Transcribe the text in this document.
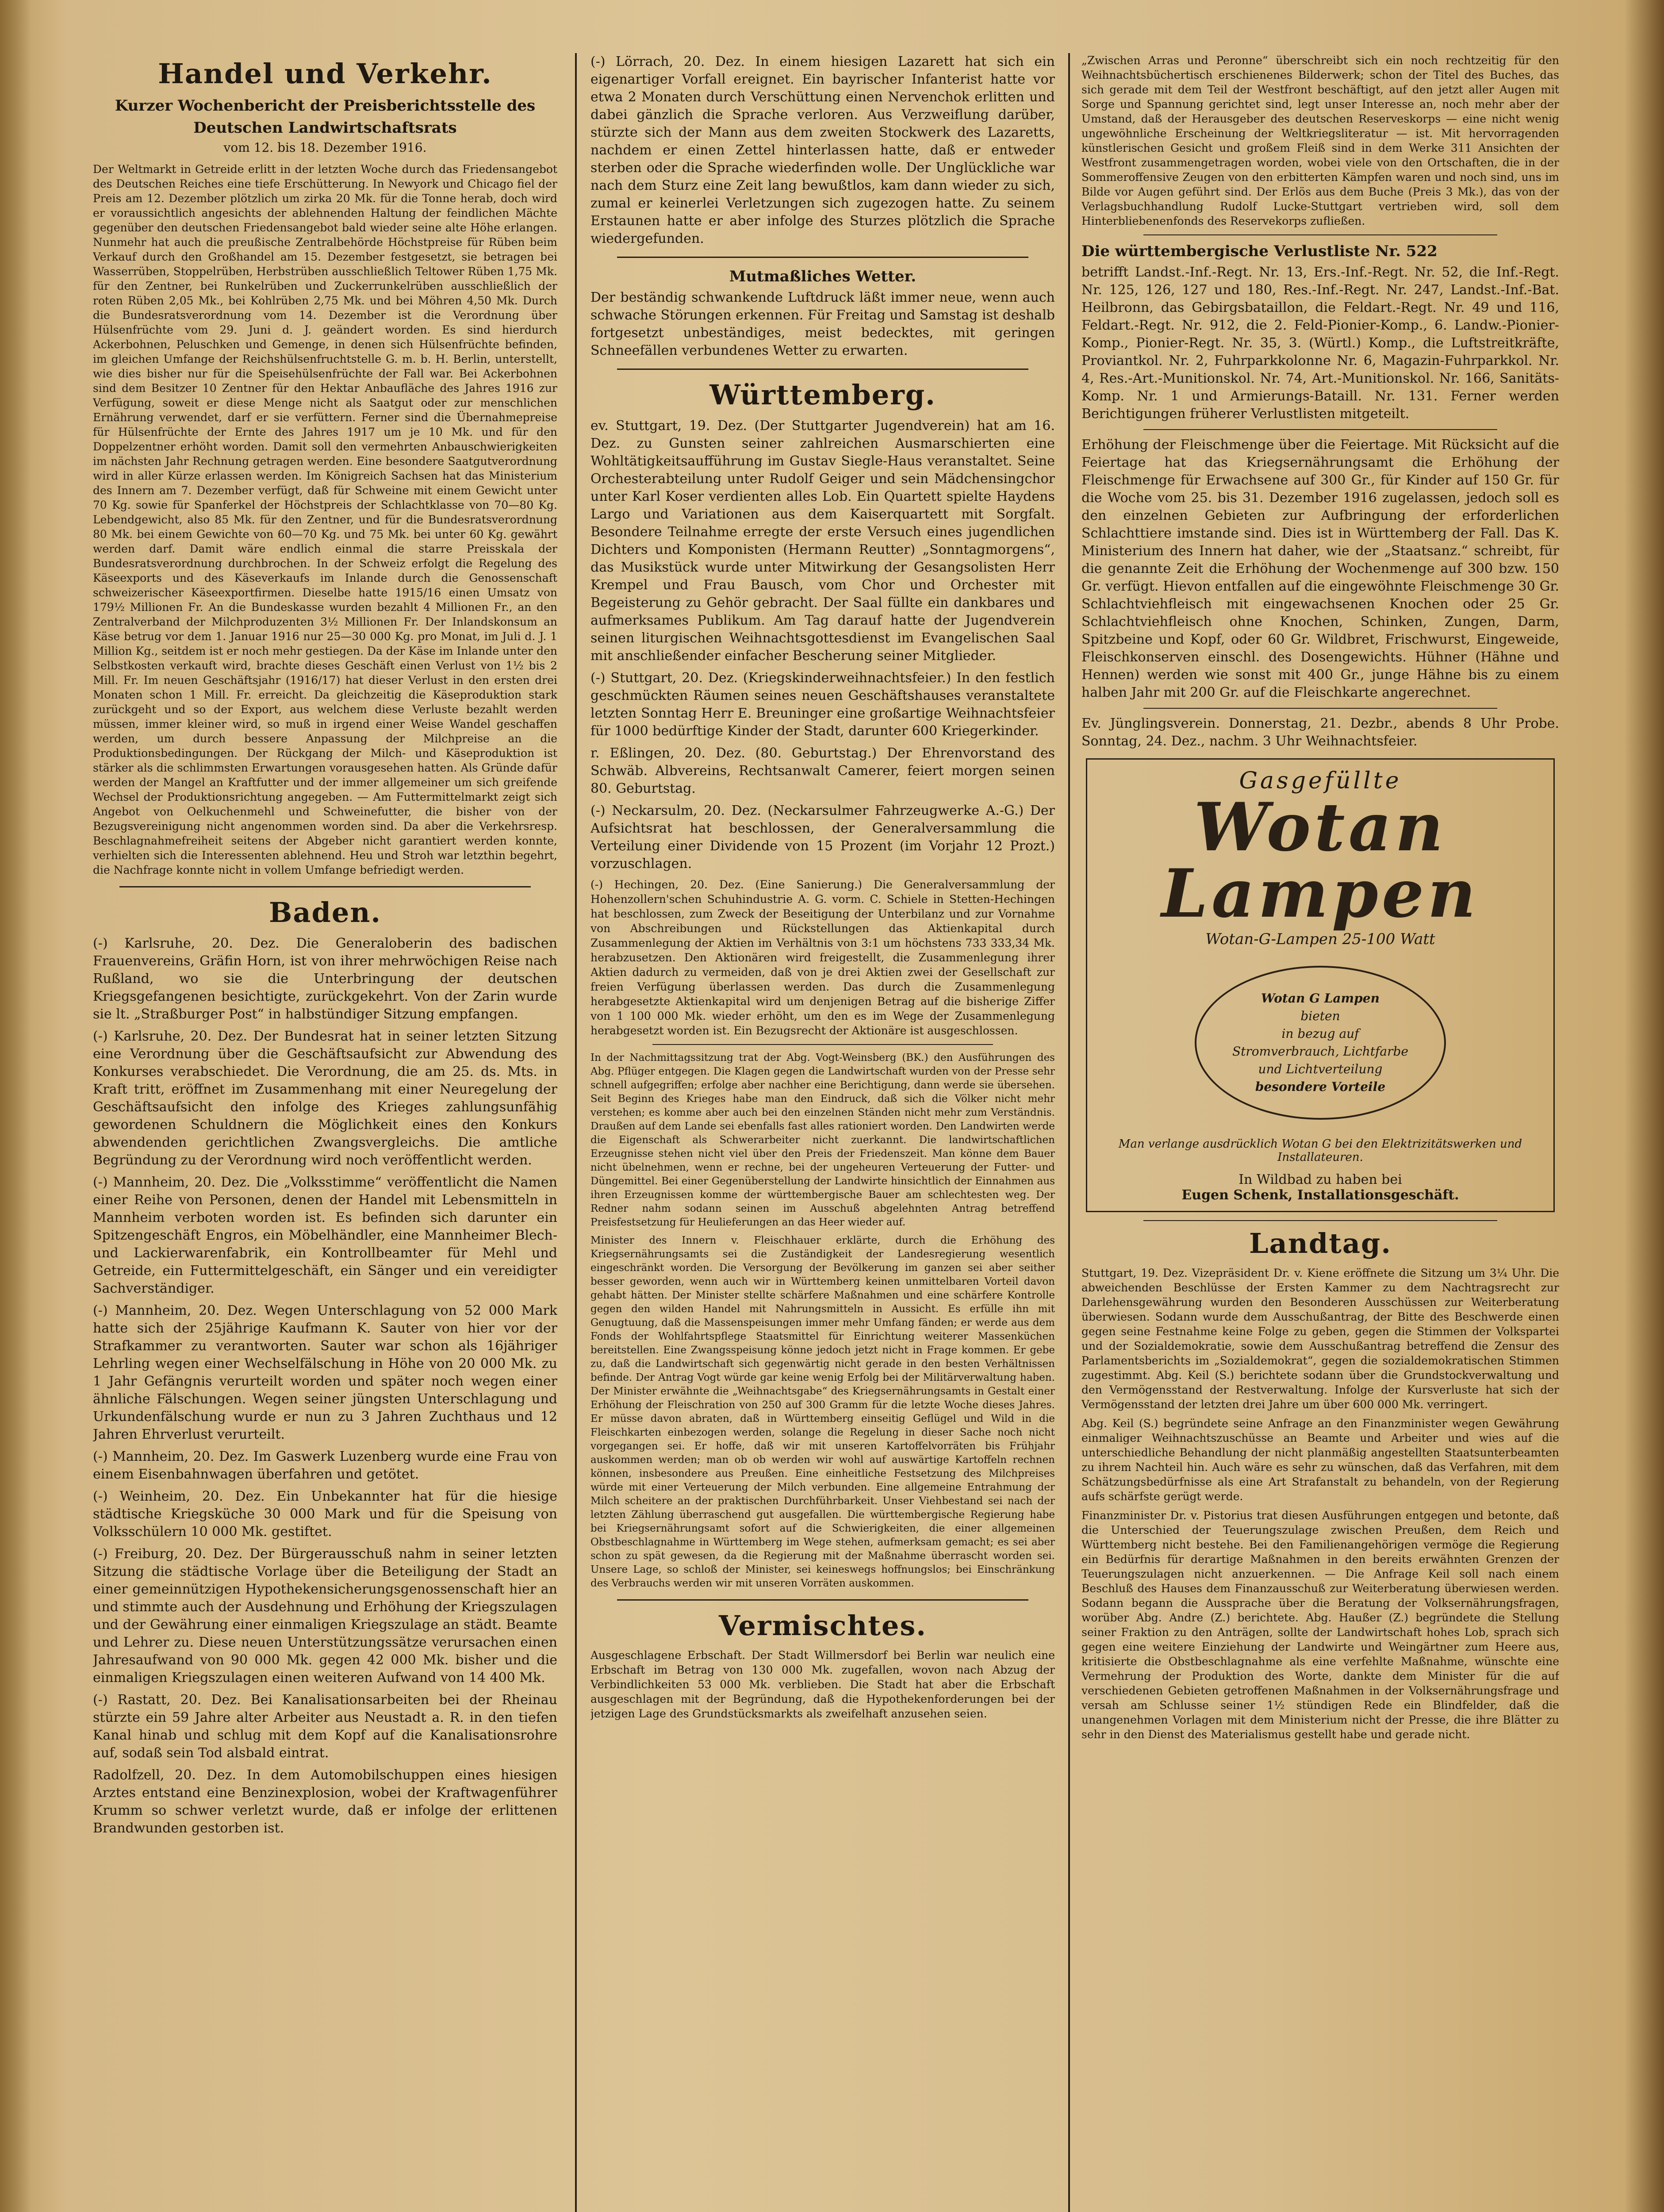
Handel und Verkehr.
Kurzer Wochenbericht der Preisberichtsstelle des
Deutschen Landwirtschaftsrats
vom 12. bis 18. Dezember 1916.

Der Weltmarkt in Getreide erlitt in der letzten Woche durch das Friedensangebot des Deutschen Reiches eine tiefe Erschütterung. In Newyork und Chicago fiel der Preis am 12. Dezember plötzlich um zirka 20 Mk. für die Tonne herab, doch wird er voraussichtlich angesichts der ablehnenden Haltung der feindlichen Mächte gegenüber den deutschen Friedensangebot bald wieder seine alte Höhe erlangen. Nunmehr hat auch die preußische Zentralbehörde Höchstpreise für Rüben beim Verkauf durch den Großhandel am 15. Dezember festgesetzt, sie betragen bei Wasserrüben, Stoppelrüben, Herbstrüben ausschließlich Teltower Rüben 1,75 Mk. für den Zentner, bei Runkelrüben und Zuckerrunkelrüben ausschließlich der roten Rüben 2,05 Mk., bei Kohlrüben 2,75 Mk. und bei Möhren 4,50 Mk. Durch die Bundesratsverordnung vom 14. Dezember ist die Verordnung über Hülsenfrüchte vom 29. Juni d. J. geändert worden. Es sind hierdurch Ackerbohnen, Peluschken und Gemenge, in denen sich Hülsenfrüchte befinden, im gleichen Umfange der Reichshülsenfruchtstelle G. m. b. H. Berlin, unterstellt, wie dies bisher nur für die Speisehülsenfrüchte der Fall war. Bei Ackerbohnen sind dem Besitzer 10 Zentner für den Hektar Anbaufläche des Jahres 1916 zur Verfügung, soweit er diese Menge nicht als Saatgut oder zur menschlichen Ernährung verwendet, darf er sie verfüttern. Ferner sind die Übernahmepreise für Hülsenfrüchte der Ernte des Jahres 1917 um je 10 Mk. und für den Doppelzentner erhöht worden. Damit soll den vermehrten Anbauschwierigkeiten im nächsten Jahr Rechnung getragen werden. Eine besondere Saatgutverordnung wird in aller Kürze erlassen werden. Im Königreich Sachsen hat das Ministerium des Innern am 7. Dezember verfügt, daß für Schweine mit einem Gewicht unter 70 Kg. sowie für Spanferkel der Höchstpreis der Schlachtklasse von 70—80 Kg. Lebendgewicht, also 85 Mk. für den Zentner, und für die Bundesratsverordnung 80 Mk. bei einem Gewichte von 60—70 Kg. und 75 Mk. bei unter 60 Kg. gewährt werden darf. Damit wäre endlich einmal die starre Preisskala der Bundesratsverordnung durchbrochen. In der Schweiz erfolgt die Regelung des Käseexports und des Käseverkaufs im Inlande durch die Genossenschaft schweizerischer Käseexportfirmen. Dieselbe hatte 1915/16 einen Umsatz von 179½ Millionen Fr. An die Bundeskasse wurden bezahlt 4 Millionen Fr., an den Zentralverband der Milchproduzenten 3½ Millionen Fr. Der Inlandskonsum an Käse betrug vor dem 1. Januar 1916 nur 25—30 000 Kg. pro Monat, im Juli d. J. 1 Million Kg., seitdem ist er noch mehr gestiegen. Da der Käse im Inlande unter den Selbstkosten verkauft wird, brachte dieses Geschäft einen Verlust von 1½ bis 2 Mill. Fr. Im neuen Geschäftsjahr (1916/17) hat dieser Verlust in den ersten drei Monaten schon 1 Mill. Fr. erreicht. Da gleichzeitig die Käseproduktion stark zurückgeht und so der Export, aus welchem diese Verluste bezahlt werden müssen, immer kleiner wird, so muß in irgend einer Weise Wandel geschaffen werden, um durch bessere Anpassung der Milchpreise an die Produktionsbedingungen. Der Rückgang der Milch- und Käseproduktion ist stärker als die schlimmsten Erwartungen vorausgesehen hatten. Als Gründe dafür werden der Mangel an Kraftfutter und der immer allgemeiner um sich greifende Wechsel der Produktionsrichtung angegeben. — Am Futtermittelmarkt zeigt sich Angebot von Oelkuchenmehl und Schweinefutter, die bisher von der Bezugsvereinigung nicht angenommen worden sind. Da aber die Verkehrsresp. Beschlagnahmefreiheit seitens der Abgeber nicht garantiert werden konnte, verhielten sich die Interessenten ablehnend. Heu und Stroh war letzthin begehrt, die Nachfrage konnte nicht in vollem Umfange befriedigt werden.

Baden.

(-) Karlsruhe, 20. Dez. Die Generaloberin des badischen Frauenvereins, Gräfin Horn, ist von ihrer mehrwöchigen Reise nach Rußland, wo sie die Unterbringung der deutschen Kriegsgefangenen besichtigte, zurückgekehrt. Von der Zarin wurde sie lt. „Straßburger Post“ in halbstündiger Sitzung empfangen.

(-) Karlsruhe, 20. Dez. Der Bundesrat hat in seiner letzten Sitzung eine Verordnung über die Geschäftsaufsicht zur Abwendung des Konkurses verabschiedet. Die Verordnung, die am 25. ds. Mts. in Kraft tritt, eröffnet im Zusammenhang mit einer Neuregelung der Geschäftsaufsicht den infolge des Krieges zahlungsunfähig gewordenen Schuldnern die Möglichkeit eines den Konkurs abwendenden gerichtlichen Zwangsvergleichs. Die amtliche Begründung zu der Verordnung wird noch veröffentlicht werden.

(-) Mannheim, 20. Dez. Die „Volksstimme“ veröffentlicht die Namen einer Reihe von Personen, denen der Handel mit Lebensmitteln in Mannheim verboten worden ist. Es befinden sich darunter ein Spitzengeschäft Engros, ein Möbelhändler, eine Mannheimer Blech- und Lackierwarenfabrik, ein Kontrollbeamter für Mehl und Getreide, ein Futtermittelgeschäft, ein Sänger und ein vereidigter Sachverständiger.

(-) Mannheim, 20. Dez. Wegen Unterschlagung von 52 000 Mark hatte sich der 25jährige Kaufmann K. Sauter von hier vor der Strafkammer zu verantworten. Sauter war schon als 16jähriger Lehrling wegen einer Wechselfälschung in Höhe von 20 000 Mk. zu 1 Jahr Gefängnis verurteilt worden und später noch wegen einer ähnliche Fälschungen. Wegen seiner jüngsten Unterschlagung und Urkundenfälschung wurde er nun zu 3 Jahren Zuchthaus und 12 Jahren Ehrverlust verurteilt.

(-) Mannheim, 20. Dez. Im Gaswerk Luzenberg wurde eine Frau von einem Eisenbahnwagen überfahren und getötet.

(-) Weinheim, 20. Dez. Ein Unbekannter hat für die hiesige städtische Kriegsküche 30 000 Mark und für die Speisung von Volksschülern 10 000 Mk. gestiftet.

(-) Freiburg, 20. Dez. Der Bürgerausschuß nahm in seiner letzten Sitzung die städtische Vorlage über die Beteiligung der Stadt an einer gemeinnützigen Hypothekensicherungsgenossenschaft hier an und stimmte auch der Ausdehnung und Erhöhung der Kriegszulagen und der Gewährung einer einmaligen Kriegszulage an städt. Beamte und Lehrer zu. Diese neuen Unterstützungssätze verursachen einen Jahresaufwand von 90 000 Mk. gegen 42 000 Mk. bisher und die einmaligen Kriegszulagen einen weiteren Aufwand von 14 400 Mk.

(-) Rastatt, 20. Dez. Bei Kanalisationsarbeiten bei der Rheinau stürzte ein 59 Jahre alter Arbeiter aus Neustadt a. R. in den tiefen Kanal hinab und schlug mit dem Kopf auf die Kanalisationsrohre auf, sodaß sein Tod alsbald eintrat.

Radolfzell, 20. Dez. In dem Automobilschuppen eines hiesigen Arztes entstand eine Benzinexplosion, wobei der Kraftwagenführer Krumm so schwer verletzt wurde, daß er infolge der erlittenen Brandwunden gestorben ist.

(-) Lörrach, 20. Dez. In einem hiesigen Lazarett hat sich ein eigenartiger Vorfall ereignet. Ein bayrischer Infanterist hatte vor etwa 2 Monaten durch Verschüttung einen Nervenchok erlitten und dabei gänzlich die Sprache verloren. Aus Verzweiflung darüber, stürzte sich der Mann aus dem zweiten Stockwerk des Lazaretts, nachdem er einen Zettel hinterlassen hatte, daß er entweder sterben oder die Sprache wiederfinden wolle. Der Unglückliche war nach dem Sturz eine Zeit lang bewußtlos, kam dann wieder zu sich, zumal er keinerlei Verletzungen sich zugezogen hatte. Zu seinem Erstaunen hatte er aber infolge des Sturzes plötzlich die Sprache wiedergefunden.

Mutmaßliches Wetter.

Der beständig schwankende Luftdruck läßt immer neue, wenn auch schwache Störungen erkennen. Für Freitag und Samstag ist deshalb fortgesetzt unbeständiges, meist bedecktes, mit geringen Schneefällen verbundenes Wetter zu erwarten.

Württemberg.

ev. Stuttgart, 19. Dez. (Der Stuttgarter Jugendverein) hat am 16. Dez. zu Gunsten seiner zahlreichen Ausmarschierten eine Wohltätigkeitsaufführung im Gustav Siegle-Haus veranstaltet. Seine Orchesterabteilung unter Rudolf Geiger und sein Mädchensingchor unter Karl Koser verdienten alles Lob. Ein Quartett spielte Haydens Largo und Variationen aus dem Kaiserquartett mit Sorgfalt. Besondere Teilnahme erregte der erste Versuch eines jugendlichen Dichters und Komponisten (Hermann Reutter) „Sonntagmorgens“, das Musikstück wurde unter Mitwirkung der Gesangsolisten Herr Krempel und Frau Bausch, vom Chor und Orchester mit Begeisterung zu Gehör gebracht. Der Saal füllte ein dankbares und aufmerksames Publikum. Am Tag darauf hatte der Jugendverein seinen liturgischen Weihnachtsgottesdienst im Evangelischen Saal mit anschließender einfacher Bescherung seiner Mitglieder.

(-) Stuttgart, 20. Dez. (Kriegskinderweihnachtsfeier.) In den festlich geschmückten Räumen seines neuen Geschäftshauses veranstaltete letzten Sonntag Herr E. Breuninger eine großartige Weihnachtsfeier für 1000 bedürftige Kinder der Stadt, darunter 600 Kriegerkinder.

r. Eßlingen, 20. Dez. (80. Geburtstag.) Der Ehrenvorstand des Schwäb. Albvereins, Rechtsanwalt Camerer, feiert morgen seinen 80. Geburtstag.

(-) Neckarsulm, 20. Dez. (Neckarsulmer Fahrzeugwerke A.-G.) Der Aufsichtsrat hat beschlossen, der Generalversammlung die Verteilung einer Dividende von 15 Prozent (im Vorjahr 12 Prozt.) vorzuschlagen.

(-) Hechingen, 20. Dez. (Eine Sanierung.) Die Generalversammlung der Hohenzollern'schen Schuhindustrie A. G. vorm. C. Schiele in Stetten-Hechingen hat beschlossen, zum Zweck der Beseitigung der Unterbilanz und zur Vornahme von Abschreibungen und Rückstellungen das Aktienkapital durch Zusammenlegung der Aktien im Verhältnis von 3:1 um höchstens 733 333,34 Mk. herabzusetzen. Den Aktionären wird freigestellt, die Zusammenlegung ihrer Aktien dadurch zu vermeiden, daß von je drei Aktien zwei der Gesellschaft zur freien Verfügung überlassen werden. Das durch die Zusammenlegung herabgesetzte Aktienkapital wird um denjenigen Betrag auf die bisherige Ziffer von 1 100 000 Mk. wieder erhöht, um den es im Wege der Zusammenlegung herabgesetzt worden ist. Ein Bezugsrecht der Aktionäre ist ausgeschlossen.

In der Nachmittagssitzung trat der Abg. Vogt-Weinsberg (BK.) den Ausführungen des Abg. Pflüger entgegen. Die Klagen gegen die Landwirtschaft wurden von der Presse sehr schnell aufgegriffen; erfolge aber nachher eine Berichtigung, dann werde sie übersehen. Seit Beginn des Krieges habe man den Eindruck, daß sich die Völker nicht mehr verstehen; es komme aber auch bei den einzelnen Ständen nicht mehr zum Verständnis. Draußen auf dem Lande sei ebenfalls fast alles rationiert worden. Den Landwirten werde die Eigenschaft als Schwerarbeiter nicht zuerkannt. Die landwirtschaftlichen Erzeugnisse stehen nicht viel über den Preis der Friedenszeit. Man könne dem Bauer nicht übelnehmen, wenn er rechne, bei der ungeheuren Verteuerung der Futter- und Düngemittel. Bei einer Gegenüberstellung der Landwirte hinsichtlich der Einnahmen aus ihren Erzeugnissen komme der württembergische Bauer am schlechtesten weg. Der Redner nahm sodann seinen im Ausschuß abgelehnten Antrag betreffend Preisfestsetzung für Heulieferungen an das Heer wieder auf.

Minister des Innern v. Fleischhauer erklärte, durch die Erhöhung des Kriegsernährungsamts sei die Zuständigkeit der Landesregierung wesentlich eingeschränkt worden. Die Versorgung der Bevölkerung im ganzen sei aber seither besser geworden, wenn auch wir in Württemberg keinen unmittelbaren Vorteil davon gehabt hätten. Der Minister stellte schärfere Maßnahmen und eine schärfere Kontrolle gegen den wilden Handel mit Nahrungsmitteln in Aussicht. Es erfülle ihn mit Genugtuung, daß die Massenspeisungen immer mehr Umfang fänden; er werde aus dem Fonds der Wohlfahrtspflege Staatsmittel für Einrichtung weiterer Massenküchen bereitstellen. Eine Zwangsspeisung könne jedoch jetzt nicht in Frage kommen. Er gebe zu, daß die Landwirtschaft sich gegenwärtig nicht gerade in den besten Verhältnissen befinde. Der Antrag Vogt würde gar keine wenig Erfolg bei der Militärverwaltung haben. Der Minister erwähnte die „Weihnachtsgabe“ des Kriegsernährungsamts in Gestalt einer Erhöhung der Fleischration von 250 auf 300 Gramm für die letzte Woche dieses Jahres. Er müsse davon abraten, daß in Württemberg einseitig Geflügel und Wild in die Fleischkarten einbezogen werden, solange die Regelung in dieser Sache noch nicht vorgegangen sei. Er hoffe, daß wir mit unseren Kartoffelvorräten bis Frühjahr auskommen werden; man ob ob werden wir wohl auf auswärtige Kartoffeln rechnen können, insbesondere aus Preußen. Eine einheitliche Festsetzung des Milchpreises würde mit einer Verteuerung der Milch verbunden. Eine allgemeine Entrahmung der Milch scheitere an der praktischen Durchführbarkeit. Unser Viehbestand sei nach der letzten Zählung überraschend gut ausgefallen. Die württembergische Regierung habe bei Kriegsernährungsamt sofort auf die Schwierigkeiten, die einer allgemeinen Obstbeschlagnahme in Württemberg im Wege stehen, aufmerksam gemacht; es sei aber schon zu spät gewesen, da die Regierung mit der Maßnahme überrascht worden sei. Unsere Lage, so schloß der Minister, sei keineswegs hoffnungslos; bei Einschränkung des Verbrauchs werden wir mit unseren Vorräten auskommen.

Vermischtes.

Ausgeschlagene Erbschaft. Der Stadt Willmersdorf bei Berlin war neulich eine Erbschaft im Betrag von 130 000 Mk. zugefallen, wovon nach Abzug der Verbindlichkeiten 53 000 Mk. verblieben. Die Stadt hat aber die Erbschaft ausgeschlagen mit der Begründung, daß die Hypothekenforderungen bei der jetzigen Lage des Grundstücksmarkts als zweifelhaft anzusehen seien.

„Zwischen Arras und Peronne“ überschreibt sich ein noch rechtzeitig für den Weihnachtsbüchertisch erschienenes Bilderwerk; schon der Titel des Buches, das sich gerade mit dem Teil der Westfront beschäftigt, auf den jetzt aller Augen mit Sorge und Spannung gerichtet sind, legt unser Interesse an, noch mehr aber der Umstand, daß der Herausgeber des deutschen Reserveskorps — eine nicht wenig ungewöhnliche Erscheinung der Weltkriegsliteratur — ist. Mit hervorragenden künstlerischen Gesicht und großem Fleiß sind in dem Werke 311 Ansichten der Westfront zusammengetragen worden, wobei viele von den Ortschaften, die in der Sommeroffensive Zeugen von den erbitterten Kämpfen waren und noch sind, uns im Bilde vor Augen geführt sind. Der Erlös aus dem Buche (Preis 3 Mk.), das von der Verlagsbuchhandlung Rudolf Lucke-Stuttgart vertrieben wird, soll dem Hinterbliebenenfonds des Reservekorps zufließen.

Die württembergische Verlustliste Nr. 522

betrifft Landst.-Inf.-Regt. Nr. 13, Ers.-Inf.-Regt. Nr. 52, die Inf.-Regt. Nr. 125, 126, 127 und 180, Res.-Inf.-Regt. Nr. 247, Landst.-Inf.-Bat. Heilbronn, das Gebirgsbataillon, die Feldart.-Regt. Nr. 49 und 116, Feldart.-Regt. Nr. 912, die 2. Feld-Pionier-Komp., 6. Landw.-Pionier-Komp., Pionier-Regt. Nr. 35, 3. (Würtl.) Komp., die Luftstreitkräfte, Proviantkol. Nr. 2, Fuhrparkkolonne Nr. 6, Magazin-Fuhrparkkol. Nr. 4, Res.-Art.-Munitionskol. Nr. 74, Art.-Munitionskol. Nr. 166, Sanitäts-Komp. Nr. 1 und Armierungs-Bataill. Nr. 131. Ferner werden Berichtigungen früherer Verlustlisten mitgeteilt.

Erhöhung der Fleischmenge über die Feiertage. Mit Rücksicht auf die Feiertage hat das Kriegsernährungsamt die Erhöhung der Fleischmenge für Erwachsene auf 300 Gr., für Kinder auf 150 Gr. für die Woche vom 25. bis 31. Dezember 1916 zugelassen, jedoch soll es den einzelnen Gebieten zur Aufbringung der erforderlichen Schlachttiere imstande sind. Dies ist in Württemberg der Fall. Das K. Ministerium des Innern hat daher, wie der „Staatsanz.“ schreibt, für die genannte Zeit die Erhöhung der Wochenmenge auf 300 bzw. 150 Gr. verfügt. Hievon entfallen auf die eingewöhnte Fleischmenge 30 Gr. Schlachtviehfleisch mit eingewachsenen Knochen oder 25 Gr. Schlachtviehfleisch ohne Knochen, Schinken, Zungen, Darm, Spitzbeine und Kopf, oder 60 Gr. Wildbret, Frischwurst, Eingeweide, Fleischkonserven einschl. des Dosengewichts. Hühner (Hähne und Hennen) werden wie sonst mit 400 Gr., junge Hähne bis zu einem halben Jahr mit 200 Gr. auf die Fleischkarte angerechnet.

Ev. Jünglingsverein. Donnerstag, 21. Dezbr., abends 8 Uhr Probe. Sonntag, 24. Dez., nachm. 3 Uhr Weihnachtsfeier.

Gasgefüllte
Wotan
Lampen
Wotan-G-Lampen 25-100 Watt
Wotan G Lampen
bieten
in bezug auf
Stromverbrauch, Lichtfarbe
und Lichtverteilung
besondere Vorteile
Man verlange ausdrücklich Wotan G bei den Elektrizitätswerken und Installateuren.
In Wildbad zu haben bei
Eugen Schenk, Installationsgeschäft.
Landtag.

Stuttgart, 19. Dez. Vizepräsident Dr. v. Kiene eröffnete die Sitzung um 3¼ Uhr. Die abweichenden Beschlüsse der Ersten Kammer zu dem Nachtragsrecht zur Darlehensgewährung wurden den Besonderen Ausschüssen zur Weiterberatung überwiesen. Sodann wurde dem Ausschußantrag, der Bitte des Beschwerde einen gegen seine Festnahme keine Folge zu geben, gegen die Stimmen der Volkspartei und der Sozialdemokratie, sowie dem Ausschußantrag betreffend die Zensur des Parlamentsberichts im „Sozialdemokrat“, gegen die sozialdemokratischen Stimmen zugestimmt. Abg. Keil (S.) berichtete sodann über die Grundstockverwaltung und den Vermögensstand der Restverwaltung. Infolge der Kursverluste hat sich der Vermögensstand der letzten drei Jahre um über 600 000 Mk. verringert.

Abg. Keil (S.) begründete seine Anfrage an den Finanzminister wegen Gewährung einmaliger Weihnachtszuschüsse an Beamte und Arbeiter und wies auf die unterschiedliche Behandlung der nicht planmäßig angestellten Staatsunterbeamten zu ihrem Nachteil hin. Auch wäre es sehr zu wünschen, daß das Verfahren, mit dem Schätzungsbedürfnisse als eine Art Strafanstalt zu behandeln, von der Regierung aufs schärfste gerügt werde.

Finanzminister Dr. v. Pistorius trat diesen Ausführungen entgegen und betonte, daß die Unterschied der Teuerungszulage zwischen Preußen, dem Reich und Württemberg nicht bestehe. Bei den Familienangehörigen vermöge die Regierung ein Bedürfnis für derartige Maßnahmen in den bereits erwähnten Grenzen der Teuerungszulagen nicht anzuerkennen. — Die Anfrage Keil soll nach einem Beschluß des Hauses dem Finanzausschuß zur Weiterberatung überwiesen werden. Sodann begann die Aussprache über die Beratung der Volksernährungsfragen, worüber Abg. Andre (Z.) berichtete. Abg. Haußer (Z.) begründete die Stellung seiner Fraktion zu den Anträgen, sollte der Landwirtschaft hohes Lob, sprach sich gegen eine weitere Einziehung der Landwirte und Weingärtner zum Heere aus, kritisierte die Obstbeschlagnahme als eine verfehlte Maßnahme, wünschte eine Vermehrung der Produktion des Worte, dankte dem Minister für die auf verschiedenen Gebieten getroffenen Maßnahmen in der Volksernährungsfrage und versah am Schlusse seiner 1½ stündigen Rede ein Blindfelder, daß die unangenehmen Vorlagen mit dem Ministerium nicht der Presse, die ihre Blätter zu sehr in den Dienst des Materialismus gestellt habe und gerade nicht.
